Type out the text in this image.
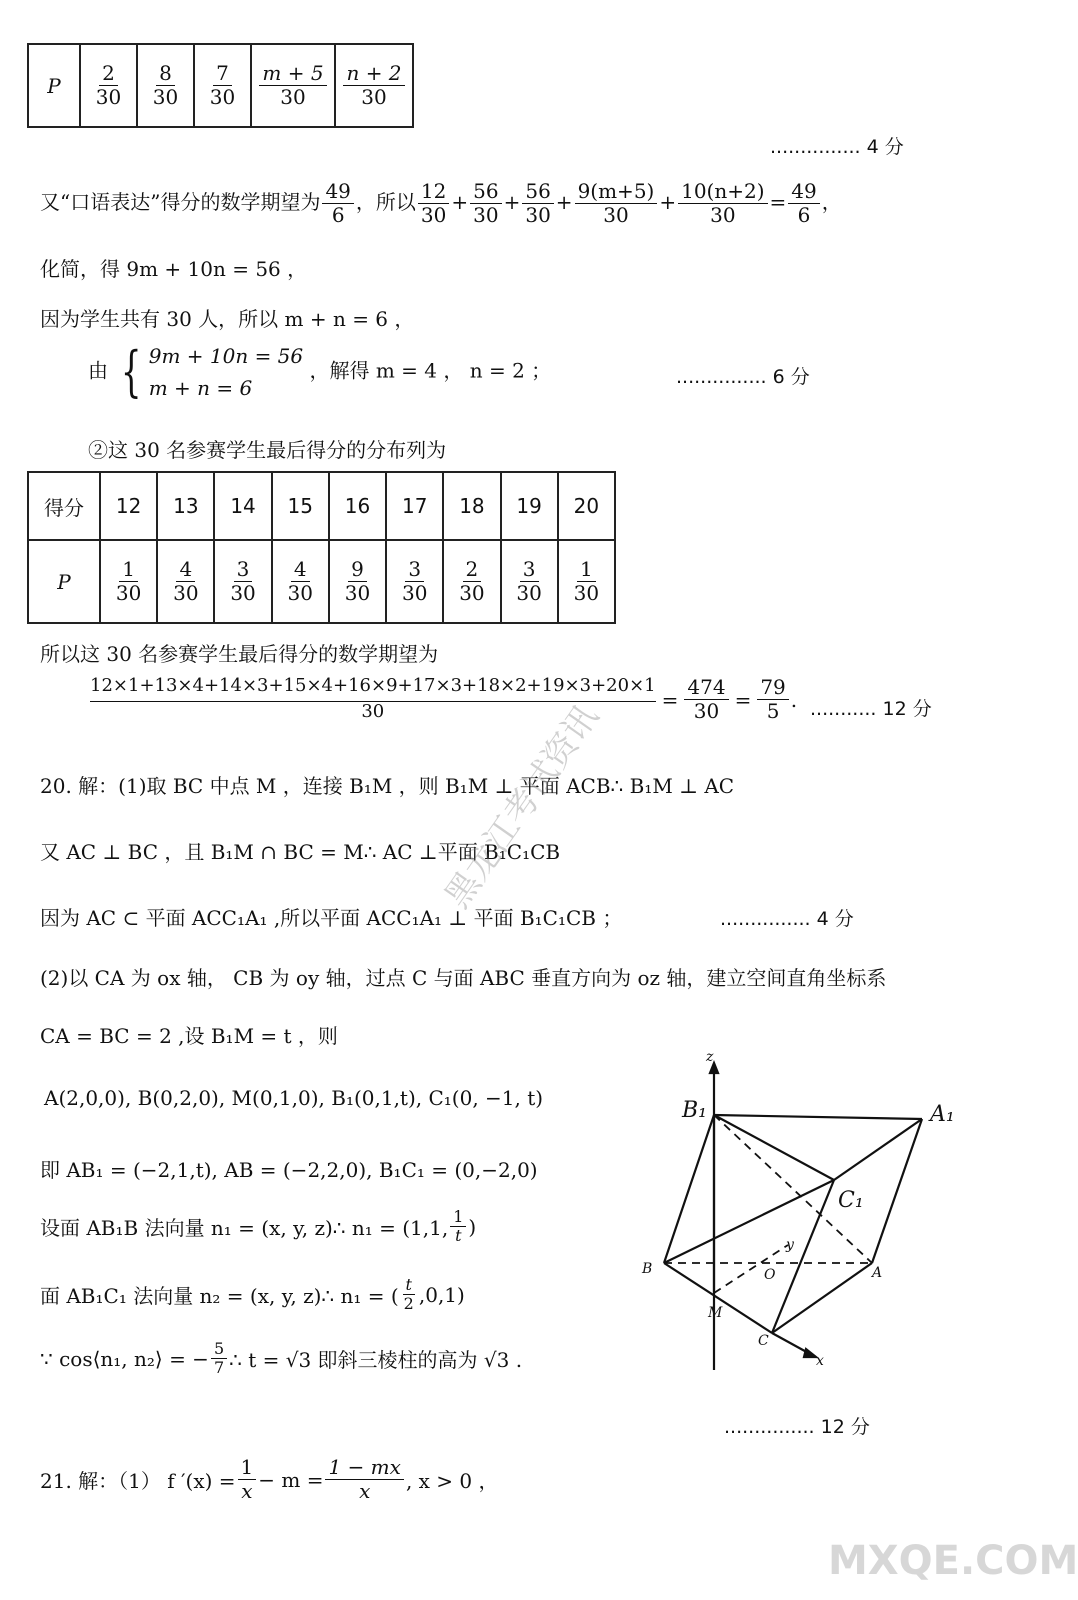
P	$\frac{2}{30}$	$\frac{8}{30}$	$\frac{7}{30}$	$\frac{m + 5}{30}$	$\frac{n + 2}{30}$
............... 4 分
又“口语表达”得分的数学期望为 $\frac{49}{6}$ ，所以 $\frac{12}{30} + \frac{56}{30} + \frac{56}{30} + \frac{9(m+5)}{30} + \frac{10(n+2)}{30} = \frac{49}{6}$ ，
化简，得 9m + 10n = 56 ，
因为学生共有 30 人，所以 m + n = 6 ，
由 { 9m + 10n = 56
m + n = 6
，解得 m = 4 ， n = 2 ；	............... 6 分
②这 30 名参赛学生最后得分的分布列为
得分	12	13	14	15	16	17	18	19	20
P	$\frac{1}{30}$	$\frac{4}{30}$	$\frac{3}{30}$	$\frac{4}{30}$	$\frac{9}{30}$	$\frac{3}{30}$	$\frac{2}{30}$	$\frac{3}{30}$	$\frac{1}{30}$
所以这 30 名参赛学生最后得分的数学期望为
$\frac{12\times 1+13\times 4+14\times 3+15\times 4+16\times 9+17\times 3+18\times 2+19\times 3+20\times 1}{30} = \frac{474}{30} = \frac{79}{5}$ . ........... 12 分
20. 解：(1)取 BC 中点 M ，连接 B₁M ，则 B₁M ⊥ 平面 ACB∴ B₁M ⊥ AC
又 AC ⊥ BC ，且 B₁M ∩ BC = M∴ AC ⊥平面 B₁C₁CB
因为 AC ⊂ 平面 ACC₁A₁ ,所以平面 ACC₁A₁ ⊥ 平面 B₁C₁CB ；	............... 4 分
(2)以 CA 为 ox 轴， CB 为 oy 轴，过点 C 与面 ABC 垂直方向为 oz 轴，建立空间直角坐标系
CA = BC = 2 ,设 B₁M = t ，则
A(2,0,0), B(0,2,0), M(0,1,0), B₁(0,1,t), C₁(0, −1, t)
即 AB₁ = (−2,1,t), AB = (−2,2,0), B₁C₁ = (0,−2,0)
设面 AB₁B 法向量 n₁ = (x, y, z)∴ n₁ = (1,1, $\frac{1}{t}$ )
面 AB₁C₁ 法向量 n₂ = (x, y, z)∴ n₁ = ( $\frac{t}{2} ,0,1$)
∵ cos⟨n₁, n₂⟩ = − $\frac{5}{7}$ ∴ t = √3 即斜三棱柱的高为 √3 .
............... 12 分
21. 解：（1） f $'(x) = \frac{1}{x} - m = \frac{1 - mx}{x}$ , x > 0 ，
z
B₁	A₁
C₁
B	O
y
A
M
C
x
黑龙江考试资讯
MXQE.COM
